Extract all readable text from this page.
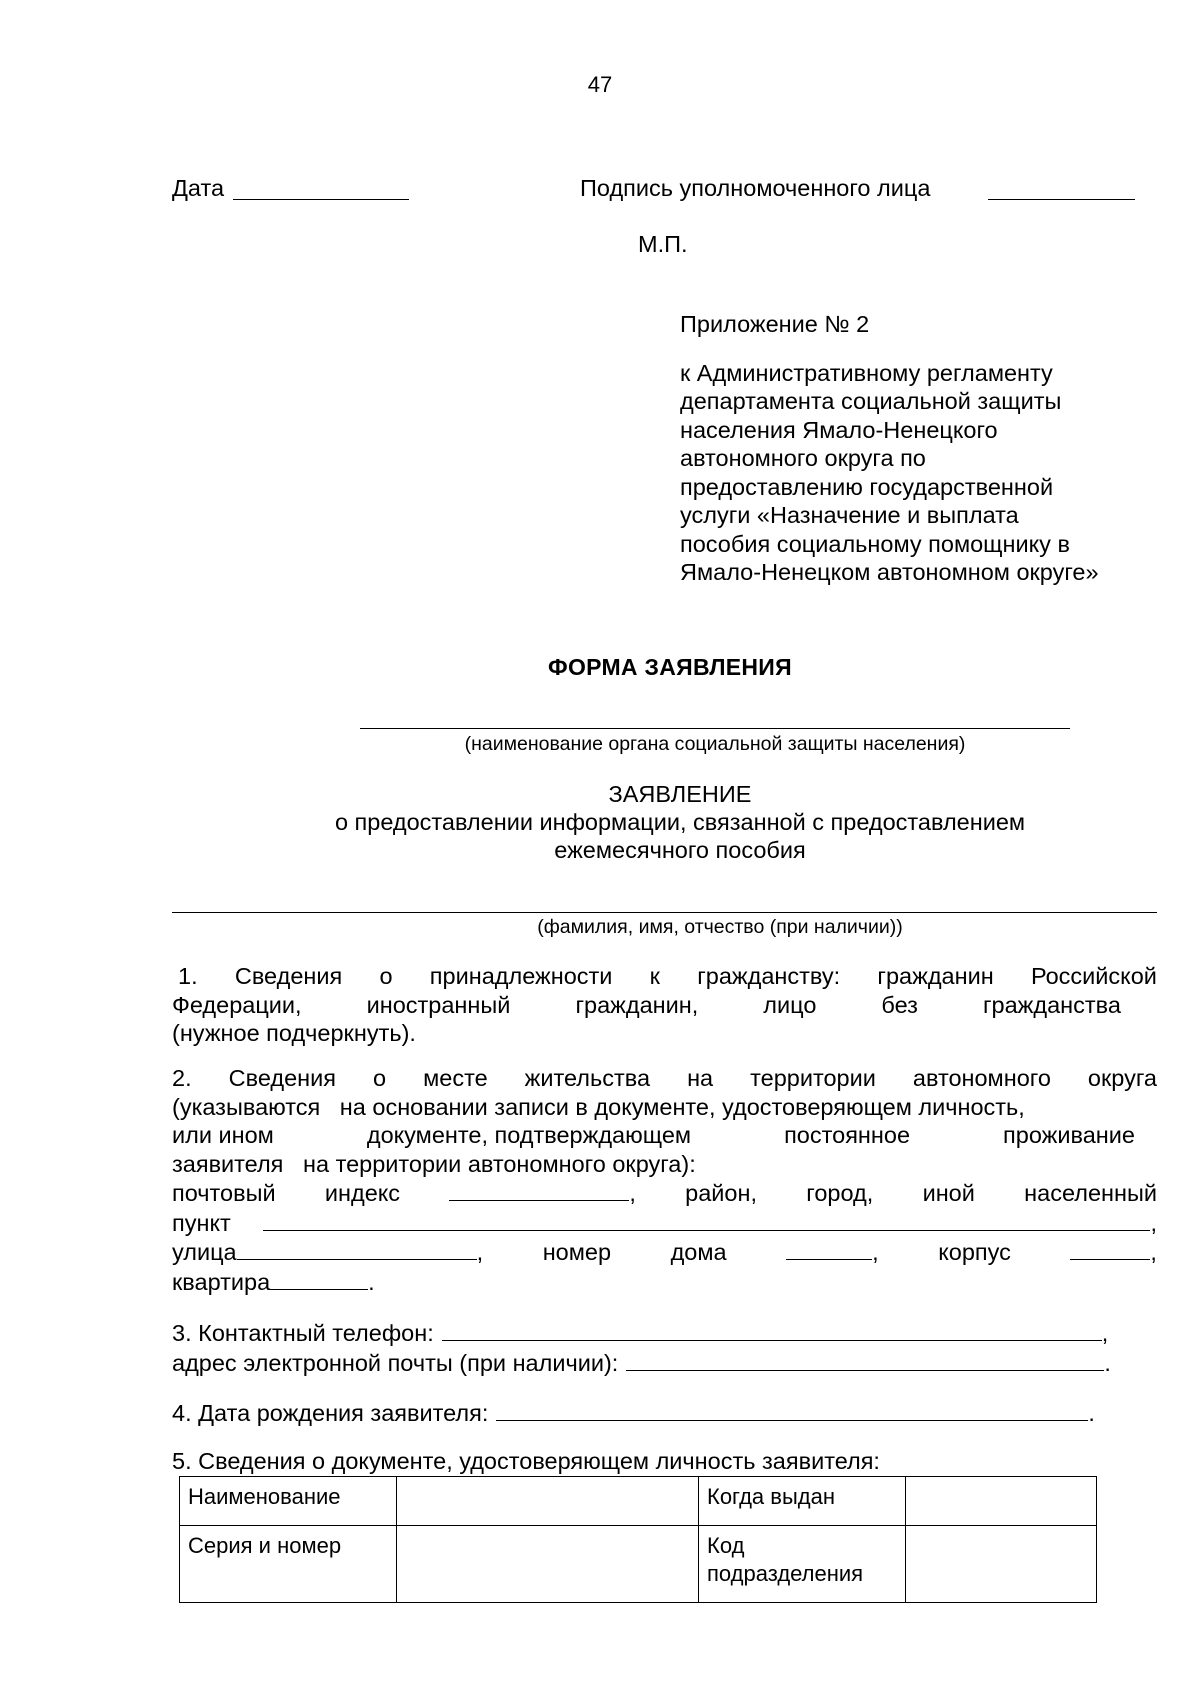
47
Дата	Подпись уполномоченного лица
М.П.

Приложение № 2

к Административному регламенту

департамента социальной защиты

населения Ямало-Ненецкого

автономного округа по

предоставлению государственной

услуги «Назначение и выплата

пособия социальному помощнику в

Ямало-Ненецком автономном округе»

ФОРМА ЗАЯВЛЕНИЯ
(наименование органа социальной защиты населения)
ЗАЯВЛЕНИЕ
о предоставлении информации, связанной с предоставлением
ежемесячного пособия
(фамилия, имя, отчество (при наличии))
1. Сведения о принадлежности к гражданству: гражданин Российской
Федерации,	иностранный	гражданин,	лицо	без	гражданства
(нужное подчеркнуть).
2. Сведения о месте жительства на территории автономного округа
(указываются   на основании записи в документе, удостоверяющем личность,
или ином	документе, подтверждающем	постоянное	проживание
заявителя   на территории автономного округа):
почтовый индекс	, район, город, иной населенный
пункт	,
улица	,	номер	дома	,	корпус	,
квартира	.
3. Контактный телефон:	,
адрес электронной почты (при наличии):	.
4. Дата рождения заявителя:	.
5. Сведения о документе, удостоверяющем личность заявителя:
Наименование		Когда выдан	
Серия и номер		Код
подразделения	
